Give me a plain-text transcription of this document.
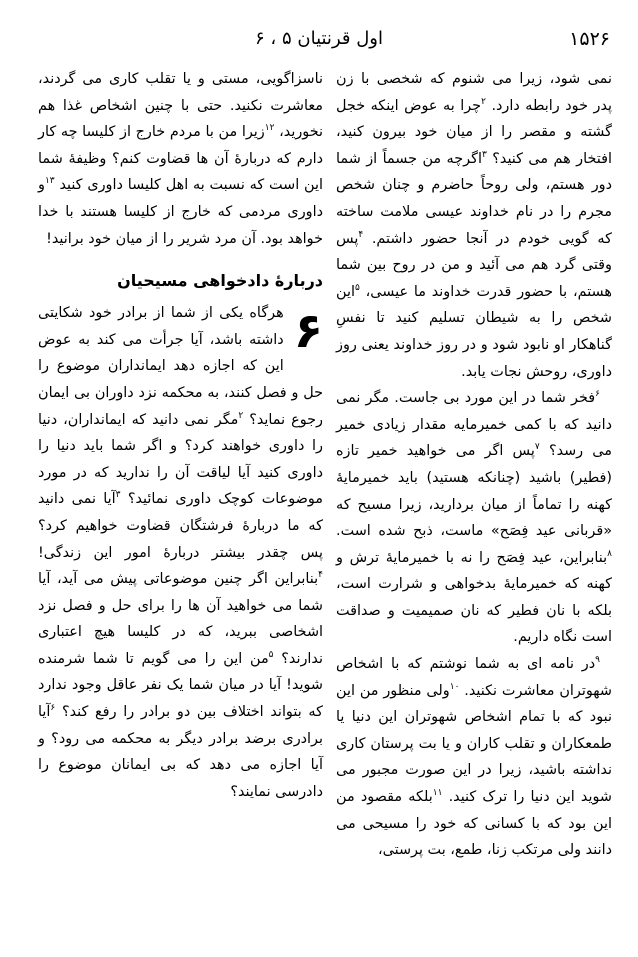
۱۵۲۶
اول قرنتیان ۵ ، ۶

نمی شود، زیرا می شنوم که شخصی با زن پدر خود رابطه دارد. $^۲$چرا به عوض اینکه خجل گشته و مقصر را از میان خود بیرون کنید، افتخار هم می کنید؟ $^۳$اگرچه من جسماً از شما دور هستم، ولی روحاً حاضرم و چنان شخص مجرم را در نام خداوند عیسی ملامت ساخته که گویی خودم در آنجا حضور داشتم. $^۴$پس وقتی گرد هم می آئید و من در روح بین شما هستم، با حضور قدرت خداوند ما عیسی، $^۵$این شخص را به شیطان تسلیم کنید تا نفسِ گناهکار او نابود شود و در روز خداوند یعنی روز داوری، روحش نجات یابد.

$^۶$فخر شما در این مورد بی جاست. مگر نمی دانید که با کمی خمیرمایه مقدار زیادی خمیر می رسد؟ $^۷$پس اگر می خواهید خمیر تازه (فطیر) باشید (چنانکه هستید) باید خمیرمایهٔ کهنه را تماماً از میان بردارید، زیرا مسیح که «قربانی عید فِصَح» ماست، ذبح شده است. $^۸$بنابراین، عید فِصَح را نه با خمیرمایهٔ ترش و کهنه که خمیرمایهٔ بدخواهی و شرارت است، بلکه با نان فطیر که نان صمیمیت و صداقت است نگاه داریم.

$^۹$در نامه ای به شما نوشتم که با اشخاص شهوتران معاشرت نکنید. $^{۱۰}$ولی منظور من این نبود که با تمام اشخاص شهوتران این دنیا یا طمعکاران و تقلب کاران و یا بت پرستان کاری نداشته باشید، زیرا در این صورت مجبور می شوید این دنیا را ترک کنید. $^{۱۱}$بلکه مقصود من این بود که با کسانی که خود را مسیحی می دانند ولی مرتکب زنا، طمع، بت پرستی،

ناسزاگویی، مستی و یا تقلب کاری می گردند، معاشرت نکنید. حتی با چنین اشخاص غذا هم نخورید، $^{۱۲}$زیرا من با مردم خارج از کلیسا چه کار دارم که دربارهٔ آن ها قضاوت کنم؟ وظیفهٔ شما این است که نسبت به اهل کلیسا داوری کنید $^{۱۳}$و داوری مردمی که خارج از کلیسا هستند با خدا خواهد بود. آن مرد شریر را از میان خود برانید!

دربارهٔ دادخواهی مسیحیان

۶
هرگاه یکی از شما از برادر خود شکایتی داشته باشد، آیا جرأت می کند به عوض این که اجازه دهد ایمانداران موضوع را حل و فصل کنند، به محکمه نزد داوران بی ایمان رجوع نماید؟ $^۲$مگر نمی دانید که ایمانداران، دنیا را داوری خواهند کرد؟ و اگر شما باید دنیا را داوری کنید آیا لیاقت آن را ندارید که در مورد موضوعات کوچک داوری نمائید؟ $^۳$آیا نمی دانید که ما دربارهٔ فرشتگان قضاوت خواهیم کرد؟ پس چقدر بیشتر دربارهٔ امور این زندگی! $^۴$بنابراین اگر چنین موضوعاتی پیش می آید، آیا شما می خواهید آن ها را برای حل و فصل نزد اشخاصی ببرید، که در کلیسا هیچ اعتباری ندارند؟ $^۵$من این را می گویم تا شما شرمنده شوید! آیا در میان شما یک نفر عاقل وجود ندارد که بتواند اختلاف بین دو برادر را رفع کند؟ $^۶$آیا برادری برضد برادر دیگر به محکمه می رود؟ و آیا اجازه می دهد که بی ایمانان موضوع را دادرسی نمایند؟
